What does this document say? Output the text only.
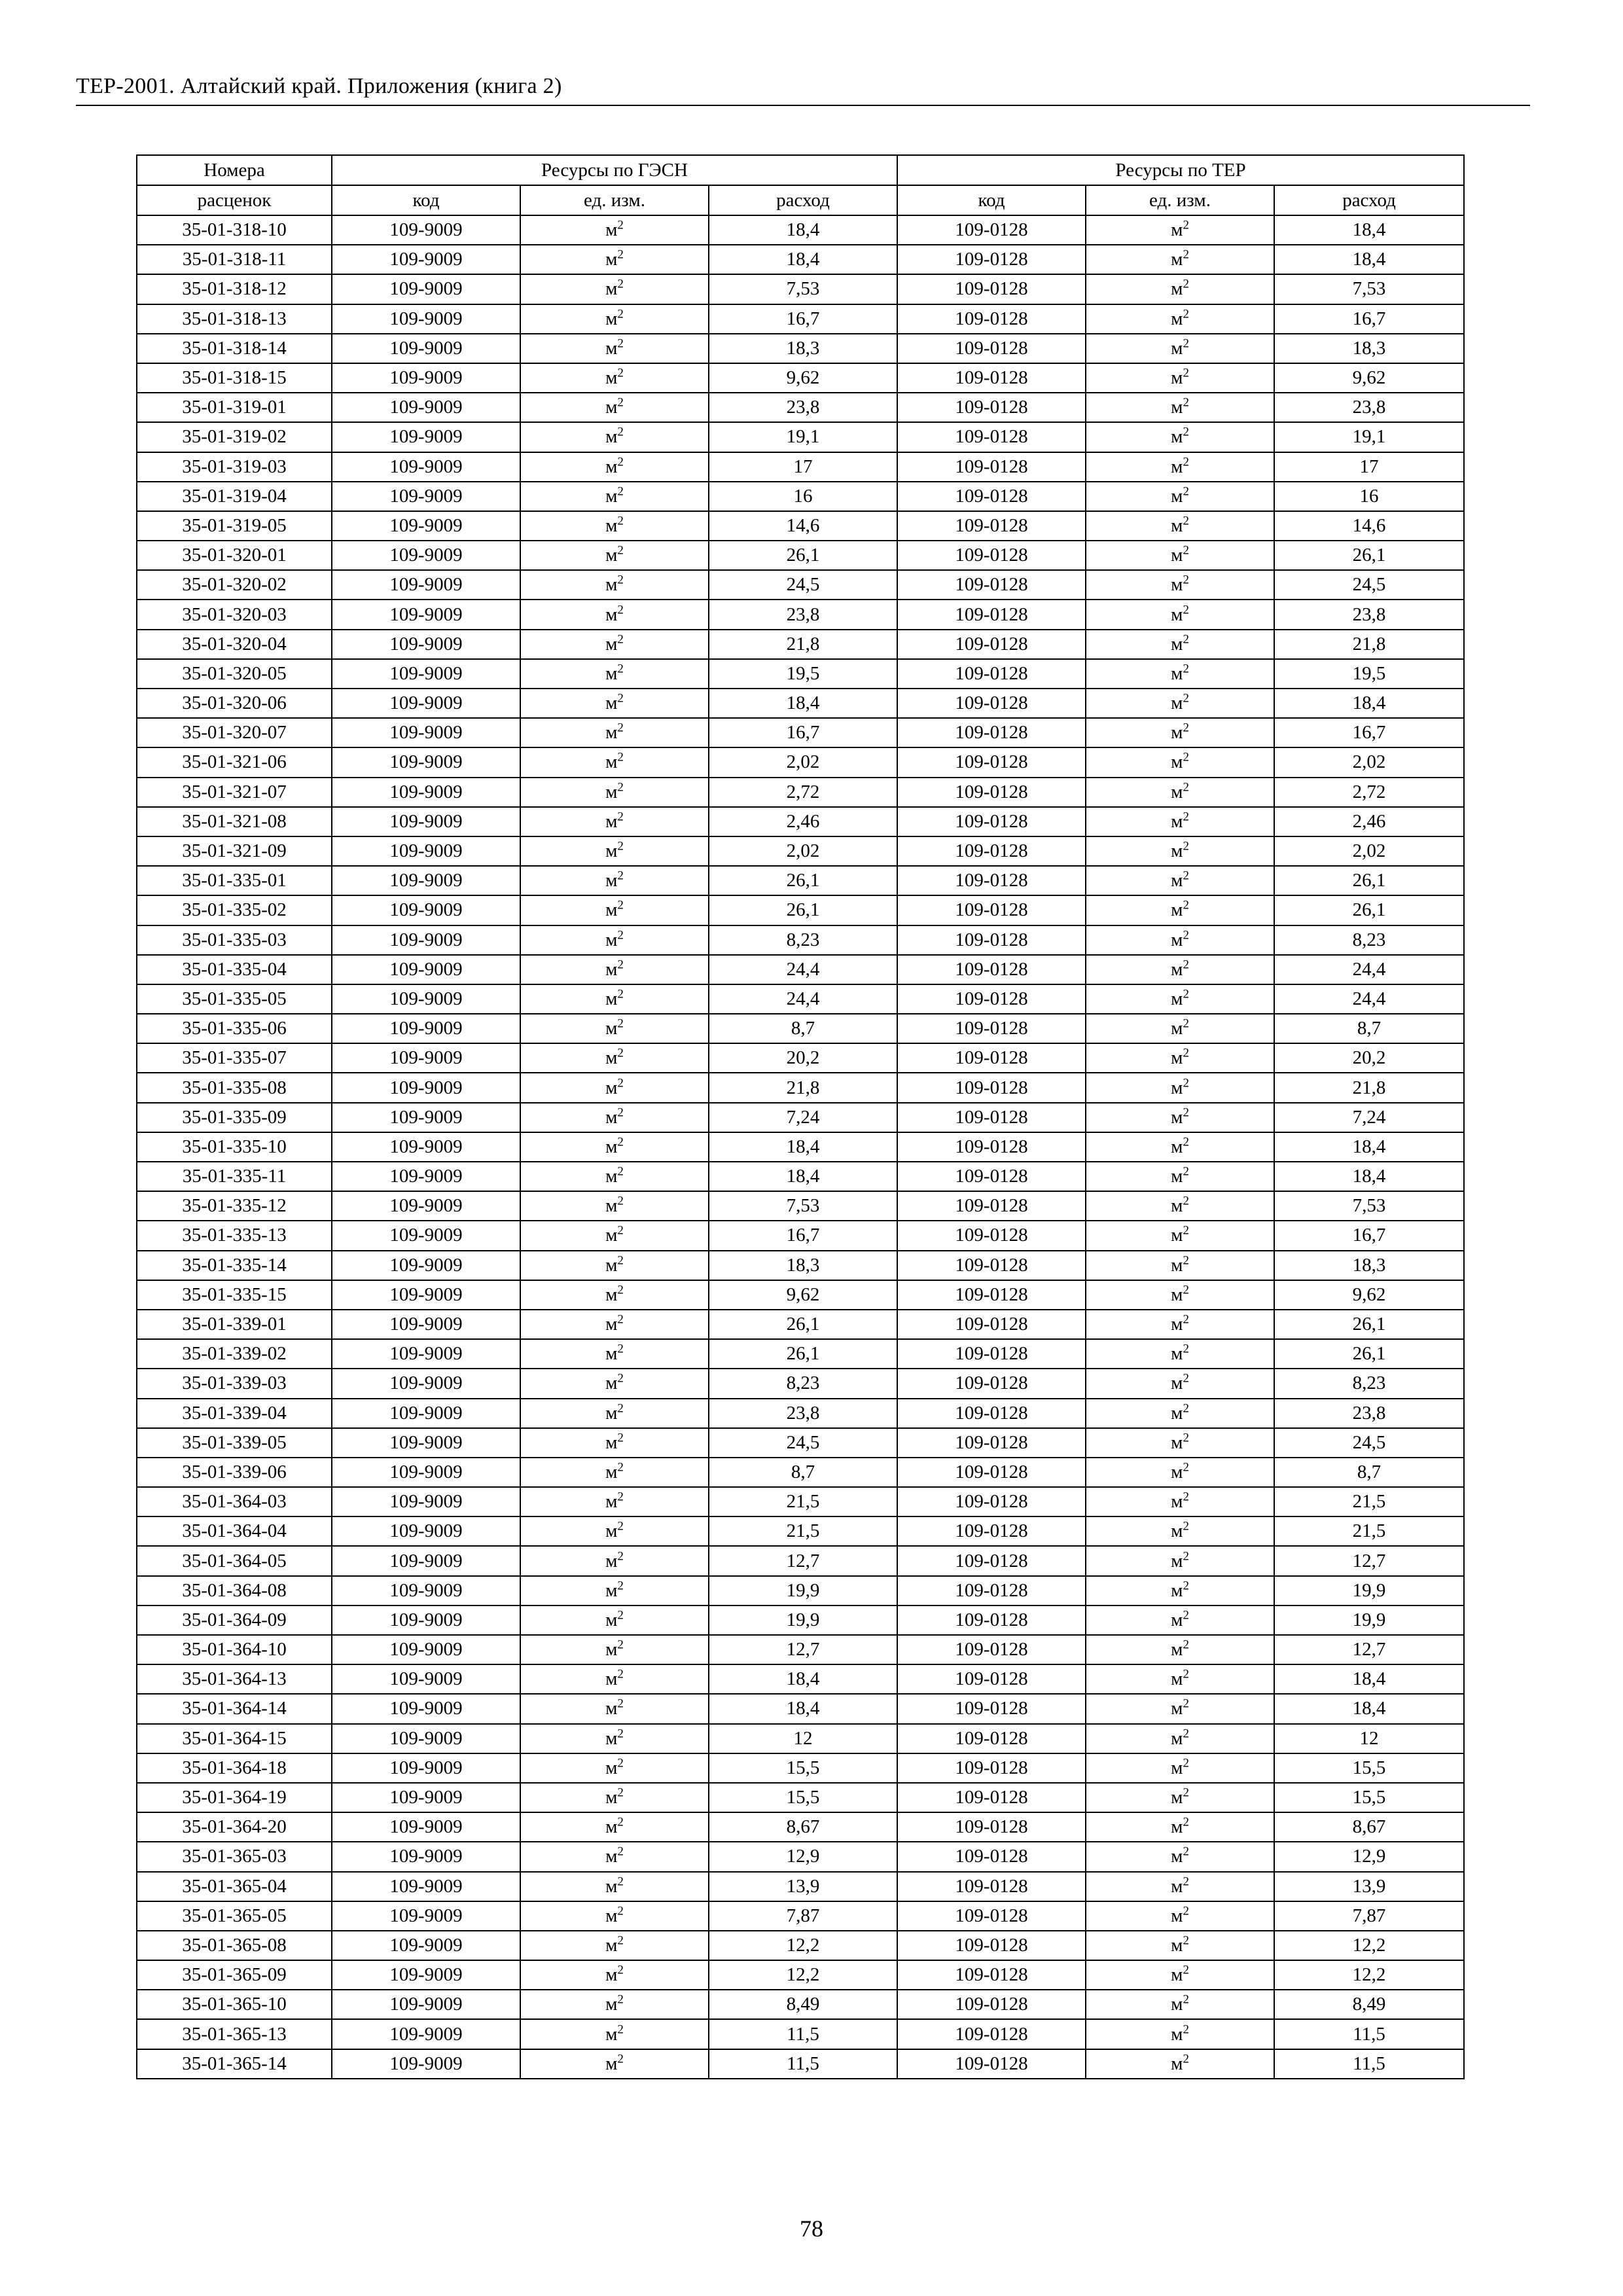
ТЕР-2001. Алтайский край. Приложения (книга 2)
Номера	Ресурсы по ГЭСН			Ресурсы по ТЕР		
расценок	код	ед. изм.	расход	код	ед. изм.	расход
35-01-318-10	109-9009	$м^2$	18,4	109-0128	$м^2$	18,4
35-01-318-11	109-9009	$м^2$	18,4	109-0128	$м^2$	18,4
35-01-318-12	109-9009	$м^2$	7,53	109-0128	$м^2$	7,53
35-01-318-13	109-9009	$м^2$	16,7	109-0128	$м^2$	16,7
35-01-318-14	109-9009	$м^2$	18,3	109-0128	$м^2$	18,3
35-01-318-15	109-9009	$м^2$	9,62	109-0128	$м^2$	9,62
35-01-319-01	109-9009	$м^2$	23,8	109-0128	$м^2$	23,8
35-01-319-02	109-9009	$м^2$	19,1	109-0128	$м^2$	19,1
35-01-319-03	109-9009	$м^2$	17	109-0128	$м^2$	17
35-01-319-04	109-9009	$м^2$	16	109-0128	$м^2$	16
35-01-319-05	109-9009	$м^2$	14,6	109-0128	$м^2$	14,6
35-01-320-01	109-9009	$м^2$	26,1	109-0128	$м^2$	26,1
35-01-320-02	109-9009	$м^2$	24,5	109-0128	$м^2$	24,5
35-01-320-03	109-9009	$м^2$	23,8	109-0128	$м^2$	23,8
35-01-320-04	109-9009	$м^2$	21,8	109-0128	$м^2$	21,8
35-01-320-05	109-9009	$м^2$	19,5	109-0128	$м^2$	19,5
35-01-320-06	109-9009	$м^2$	18,4	109-0128	$м^2$	18,4
35-01-320-07	109-9009	$м^2$	16,7	109-0128	$м^2$	16,7
35-01-321-06	109-9009	$м^2$	2,02	109-0128	$м^2$	2,02
35-01-321-07	109-9009	$м^2$	2,72	109-0128	$м^2$	2,72
35-01-321-08	109-9009	$м^2$	2,46	109-0128	$м^2$	2,46
35-01-321-09	109-9009	$м^2$	2,02	109-0128	$м^2$	2,02
35-01-335-01	109-9009	$м^2$	26,1	109-0128	$м^2$	26,1
35-01-335-02	109-9009	$м^2$	26,1	109-0128	$м^2$	26,1
35-01-335-03	109-9009	$м^2$	8,23	109-0128	$м^2$	8,23
35-01-335-04	109-9009	$м^2$	24,4	109-0128	$м^2$	24,4
35-01-335-05	109-9009	$м^2$	24,4	109-0128	$м^2$	24,4
35-01-335-06	109-9009	$м^2$	8,7	109-0128	$м^2$	8,7
35-01-335-07	109-9009	$м^2$	20,2	109-0128	$м^2$	20,2
35-01-335-08	109-9009	$м^2$	21,8	109-0128	$м^2$	21,8
35-01-335-09	109-9009	$м^2$	7,24	109-0128	$м^2$	7,24
35-01-335-10	109-9009	$м^2$	18,4	109-0128	$м^2$	18,4
35-01-335-11	109-9009	$м^2$	18,4	109-0128	$м^2$	18,4
35-01-335-12	109-9009	$м^2$	7,53	109-0128	$м^2$	7,53
35-01-335-13	109-9009	$м^2$	16,7	109-0128	$м^2$	16,7
35-01-335-14	109-9009	$м^2$	18,3	109-0128	$м^2$	18,3
35-01-335-15	109-9009	$м^2$	9,62	109-0128	$м^2$	9,62
35-01-339-01	109-9009	$м^2$	26,1	109-0128	$м^2$	26,1
35-01-339-02	109-9009	$м^2$	26,1	109-0128	$м^2$	26,1
35-01-339-03	109-9009	$м^2$	8,23	109-0128	$м^2$	8,23
35-01-339-04	109-9009	$м^2$	23,8	109-0128	$м^2$	23,8
35-01-339-05	109-9009	$м^2$	24,5	109-0128	$м^2$	24,5
35-01-339-06	109-9009	$м^2$	8,7	109-0128	$м^2$	8,7
35-01-364-03	109-9009	$м^2$	21,5	109-0128	$м^2$	21,5
35-01-364-04	109-9009	$м^2$	21,5	109-0128	$м^2$	21,5
35-01-364-05	109-9009	$м^2$	12,7	109-0128	$м^2$	12,7
35-01-364-08	109-9009	$м^2$	19,9	109-0128	$м^2$	19,9
35-01-364-09	109-9009	$м^2$	19,9	109-0128	$м^2$	19,9
35-01-364-10	109-9009	$м^2$	12,7	109-0128	$м^2$	12,7
35-01-364-13	109-9009	$м^2$	18,4	109-0128	$м^2$	18,4
35-01-364-14	109-9009	$м^2$	18,4	109-0128	$м^2$	18,4
35-01-364-15	109-9009	$м^2$	12	109-0128	$м^2$	12
35-01-364-18	109-9009	$м^2$	15,5	109-0128	$м^2$	15,5
35-01-364-19	109-9009	$м^2$	15,5	109-0128	$м^2$	15,5
35-01-364-20	109-9009	$м^2$	8,67	109-0128	$м^2$	8,67
35-01-365-03	109-9009	$м^2$	12,9	109-0128	$м^2$	12,9
35-01-365-04	109-9009	$м^2$	13,9	109-0128	$м^2$	13,9
35-01-365-05	109-9009	$м^2$	7,87	109-0128	$м^2$	7,87
35-01-365-08	109-9009	$м^2$	12,2	109-0128	$м^2$	12,2
35-01-365-09	109-9009	$м^2$	12,2	109-0128	$м^2$	12,2
35-01-365-10	109-9009	$м^2$	8,49	109-0128	$м^2$	8,49
35-01-365-13	109-9009	$м^2$	11,5	109-0128	$м^2$	11,5
35-01-365-14	109-9009	$м^2$	11,5	109-0128	$м^2$	11,5
78
